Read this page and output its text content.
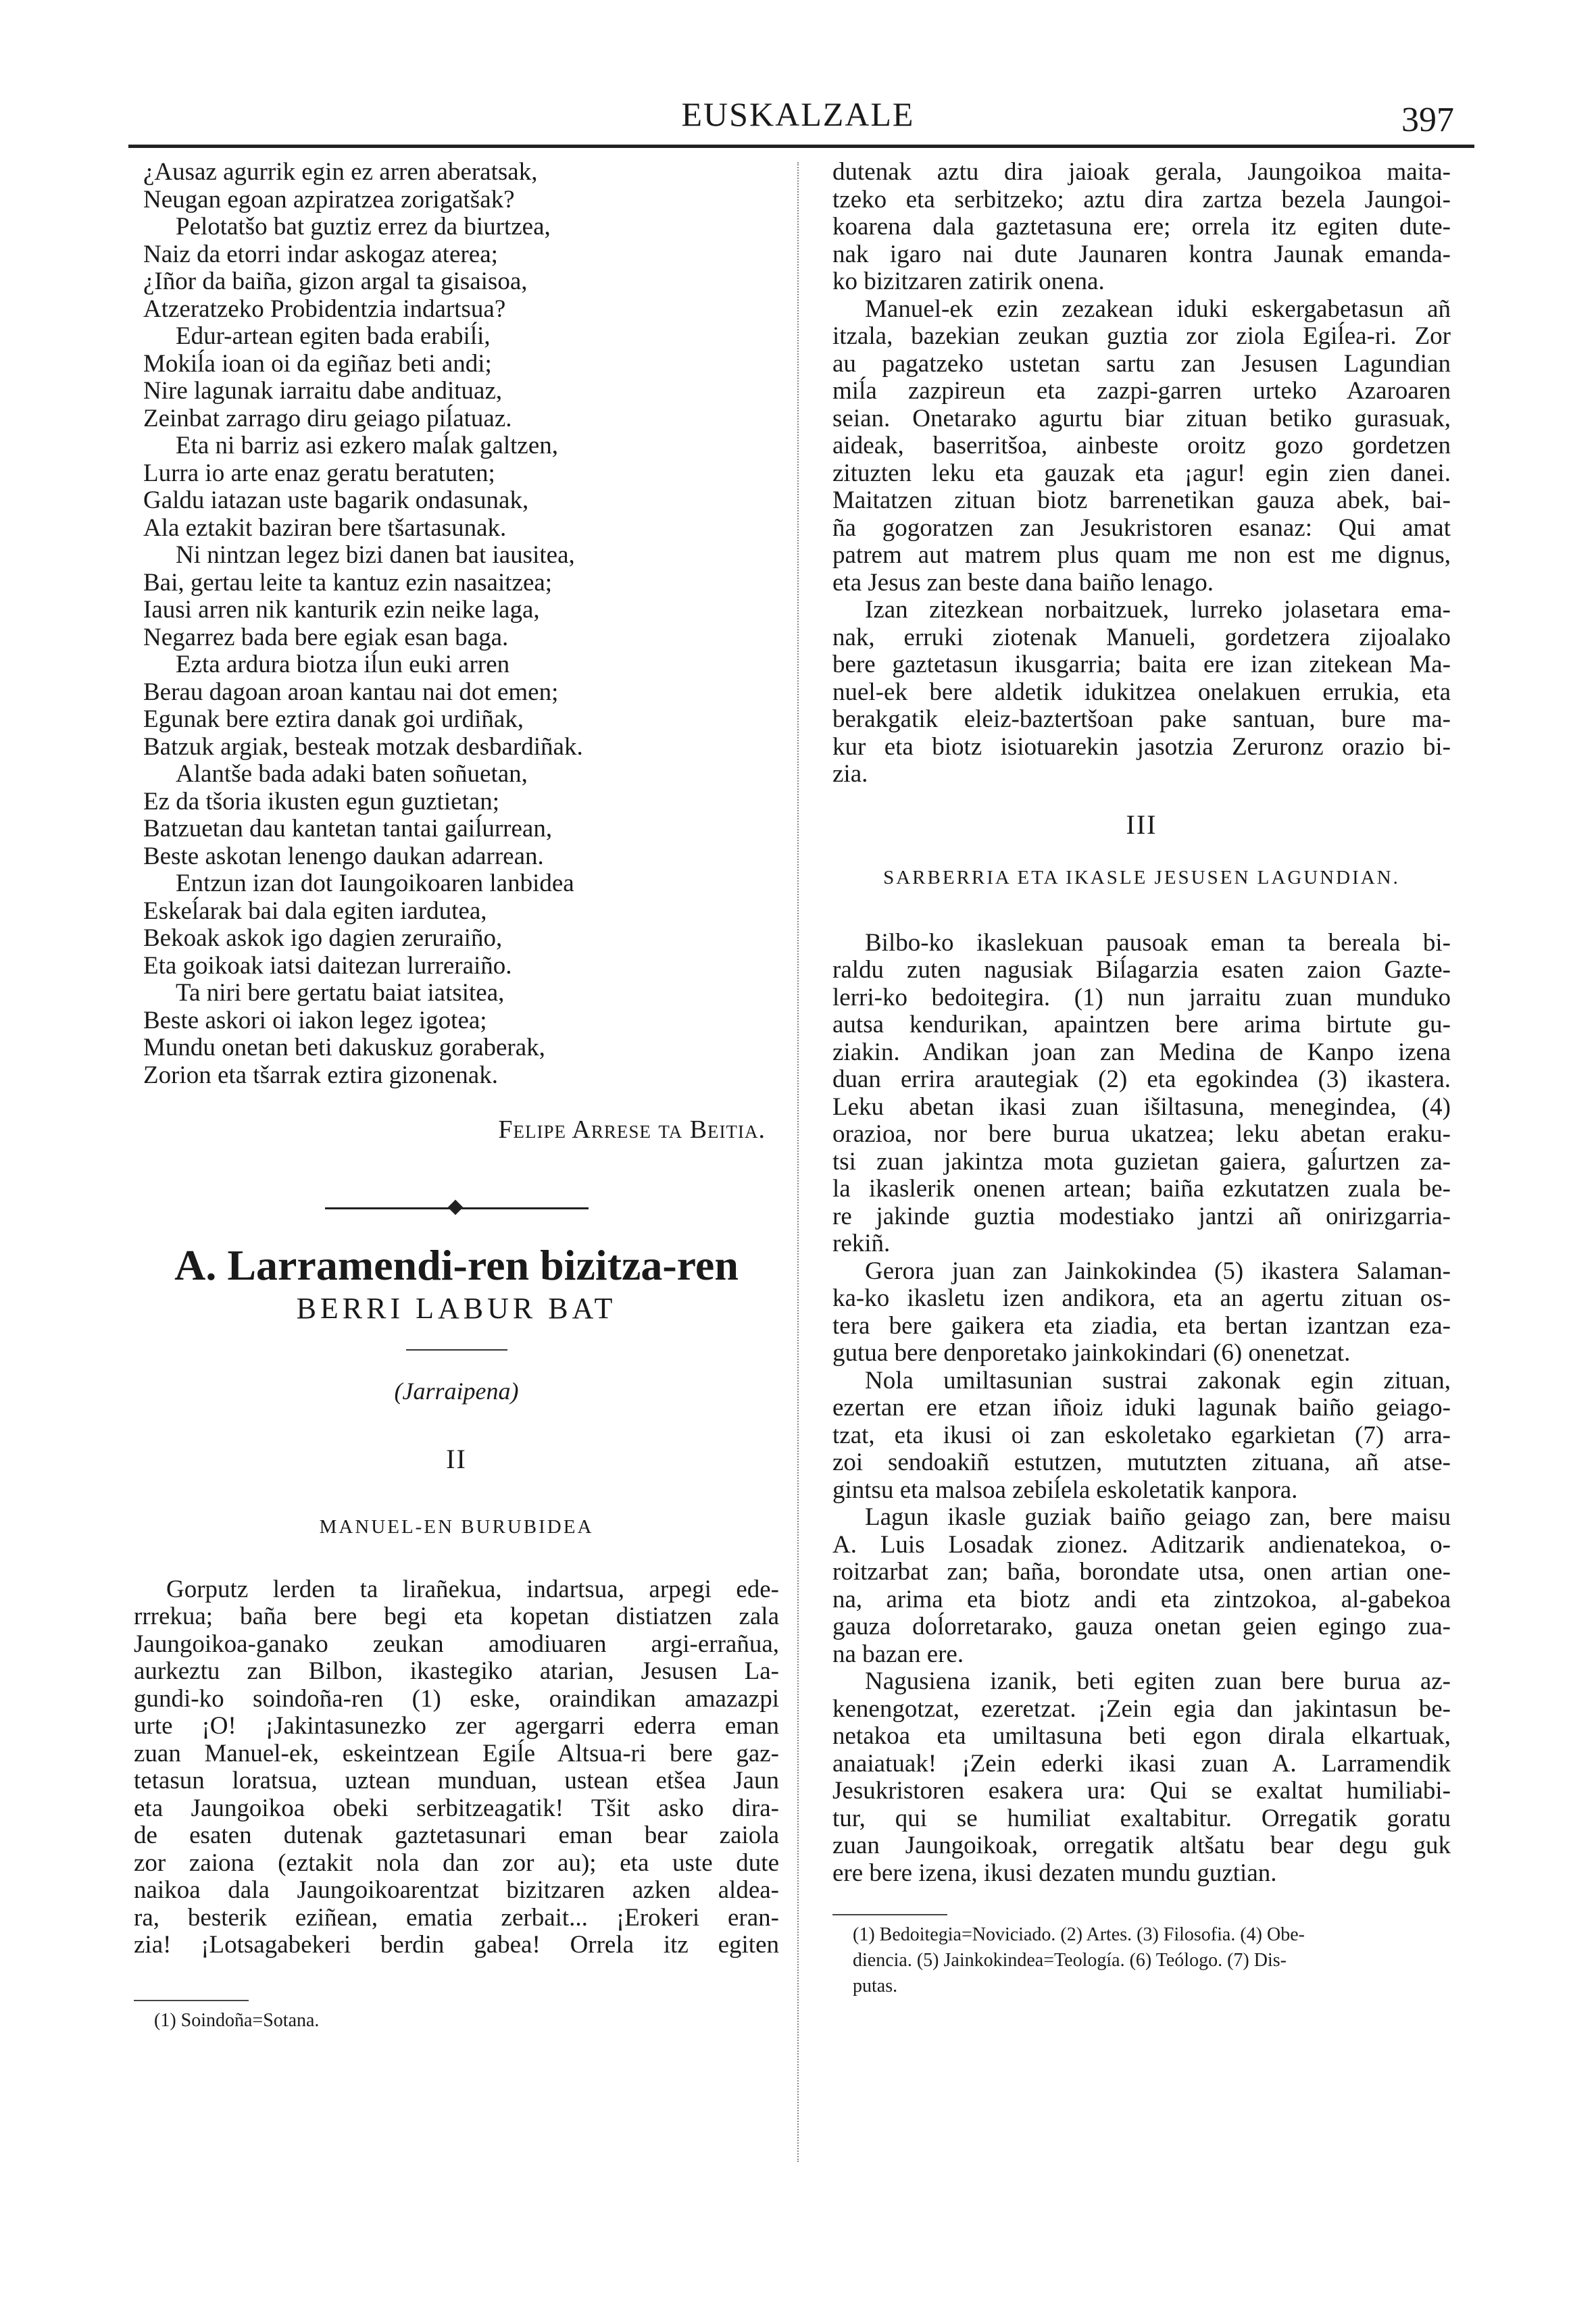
EUSKALZALE	397
¿Ausaz agurrik egin ez arren aberatsak,
Neugan egoan azpiratzea zorigatšak?
Pelotatšo bat guztiz errez da biurtzea,
Naiz da etorri indar askogaz aterea;
¿Iñor da baiña, gizon argal ta gisaisoa,
Atzeratzeko Probidentzia indartsua?
Edur-artean egiten bada erabiĺi,
Mokiĺa ioan oi da egiñaz beti andi;
Nire lagunak iarraitu dabe andituaz,
Zeinbat zarrago diru geiago piĺatuaz.
Eta ni barriz asi ezkero maĺak galtzen,
Lurra io arte enaz geratu beratuten;
Galdu iatazan uste bagarik ondasunak,
Ala eztakit baziran bere tšartasunak.
Ni nintzan legez bizi danen bat iausitea,
Bai, gertau leite ta kantuz ezin nasaitzea;
Iausi arren nik kanturik ezin neike laga,
Negarrez bada bere egiak esan baga.
Ezta ardura biotza iĺun euki arren
Berau dagoan aroan kantau nai dot emen;
Egunak bere eztira danak goi urdiñak,
Batzuk argiak, besteak motzak desbardiñak.
Alantše bada adaki baten soñuetan,
Ez da tšoria ikusten egun guztietan;
Batzuetan dau kantetan tantai gaiĺurrean,
Beste askotan lenengo daukan adarrean.
Entzun izan dot Iaungoikoaren lanbidea
Eskeĺarak bai dala egiten iardutea,
Bekoak askok igo dagien zeruraiño,
Eta goikoak iatsi daitezan lurreraiño.
Ta niri bere gertatu baiat iatsitea,
Beste askori oi iakon legez igotea;
Mundu onetan beti dakuskuz goraberak,
Zorion eta tšarrak eztira gizonenak.
Felipe Arrese ta Beitia.
A. Larramendi-ren bizitza-ren
BERRI LABUR BAT
(Jarraipena)
II
MANUEL-EN BURUBIDEA
Gorputz lerden ta lirañekua, indartsua, arpegi ede-
rrrekua; baña bere begi eta kopetan distiatzen zala
Jaungoikoa-ganako zeukan amodiuaren argi-errañua,
aurkeztu zan Bilbon, ikastegiko atarian, Jesusen La-
gundi-ko soindoña-ren (1) eske, oraindikan amazazpi
urte ¡O! ¡Jakintasunezko zer agergarri ederra eman
zuan Manuel-ek, eskeintzean Egiĺe Altsua-ri bere gaz-
tetasun loratsua, uztean munduan, ustean etšea Jaun
eta Jaungoikoa obeki serbitzeagatik! Tšit asko dira-
de esaten dutenak gaztetasunari eman bear zaiola
zor zaiona (eztakit nola dan zor au); eta uste dute
naikoa dala Jaungoikoarentzat bizitzaren azken aldea-
ra, besterik eziñean, ematia zerbait... ¡Erokeri eran-
zia! ¡Lotsagabekeri berdin gabea! Orrela itz egiten
(1) Soindoña=Sotana.
dutenak aztu dira jaioak gerala, Jaungoikoa maita-
tzeko eta serbitzeko; aztu dira zartza bezela Jaungoi-
koarena dala gaztetasuna ere; orrela itz egiten dute-
nak igaro nai dute Jaunaren kontra Jaunak emanda-
ko bizitzaren zatirik onena.
Manuel-ek ezin zezakean iduki eskergabetasun añ
itzala, bazekian zeukan guztia zor ziola Egiĺea-ri. Zor
au pagatzeko ustetan sartu zan Jesusen Lagundian
miĺa zazpireun eta zazpi-garren urteko Azaroaren
seian. Onetarako agurtu biar zituan betiko gurasuak,
aideak, baserritšoa, ainbeste oroitz gozo gordetzen
zituzten leku eta gauzak eta ¡agur! egin zien danei.
Maitatzen zituan biotz barrenetikan gauza abek, bai-
ña gogoratzen zan Jesukristoren esanaz: Qui amat
patrem aut matrem plus quam me non est me dignus,
eta Jesus zan beste dana baiño lenago.
Izan zitezkean norbaitzuek, lurreko jolasetara ema-
nak, erruki ziotenak Manueli, gordetzera zijoalako
bere gaztetasun ikusgarria; baita ere izan zitekean Ma-
nuel-ek bere aldetik idukitzea onelakuen errukia, eta
berakgatik eleiz-baztertšoan pake santuan, bure ma-
kur eta biotz isiotuarekin jasotzia Zeruronz orazio bi-
zia.
III
SARBERRIA ETA IKASLE JESUSEN LAGUNDIAN.
Bilbo-ko ikaslekuan pausoak eman ta bereala bi-
raldu zuten nagusiak Biĺagarzia esaten zaion Gazte-
lerri-ko bedoitegira. (1) nun jarraitu zuan munduko
autsa kendurikan, apaintzen bere arima birtute gu-
ziakin. Andikan joan zan Medina de Kanpo izena
duan errira arautegiak (2) eta egokindea (3) ikastera.
Leku abetan ikasi zuan išiltasuna, menegindea, (4)
orazioa, nor bere burua ukatzea; leku abetan eraku-
tsi zuan jakintza mota guzietan gaiera, gaĺurtzen za-
la ikaslerik onenen artean; baiña ezkutatzen zuala be-
re jakinde guztia modestiako jantzi añ onirizgarria-
rekiñ.
Gerora juan zan Jainkokindea (5) ikastera Salaman-
ka-ko ikasletu izen andikora, eta an agertu zituan os-
tera bere gaikera eta ziadia, eta bertan izantzan eza-
gutua bere denporetako jainkokindari (6) onenetzat.
Nola umiltasunian sustrai zakonak egin zituan,
ezertan ere etzan iñoiz iduki lagunak baiño geiago-
tzat, eta ikusi oi zan eskoletako egarkietan (7) arra-
zoi sendoakiñ estutzen, mututzten zituana, añ atse-
gintsu eta malsoa zebiĺela eskoletatik kanpora.
Lagun ikasle guziak baiño geiago zan, bere maisu
A. Luis Losadak zionez. Aditzarik andienatekoa, o-
roitzarbat zan; baña, borondate utsa, onen artian one-
na, arima eta biotz andi eta zintzokoa, al-gabekoa
gauza doĺorretarako, gauza onetan geien egingo zua-
na bazan ere.
Nagusiena izanik, beti egiten zuan bere burua az-
kenengotzat, ezeretzat. ¡Zein egia dan jakintasun be-
netakoa eta umiltasuna beti egon dirala elkartuak,
anaiatuak! ¡Zein ederki ikasi zuan A. Larramendik
Jesukristoren esakera ura: Qui se exaltat humiliabi-
tur, qui se humiliat exaltabitur. Orregatik goratu
zuan Jaungoikoak, orregatik altšatu bear degu guk
ere bere izena, ikusi dezaten mundu guztian.
(1) Bedoitegia=Noviciado. (2) Artes. (3) Filosofia. (4) Obe-
diencia. (5) Jainkokindea=Teología. (6) Teólogo. (7) Dis-
putas.
